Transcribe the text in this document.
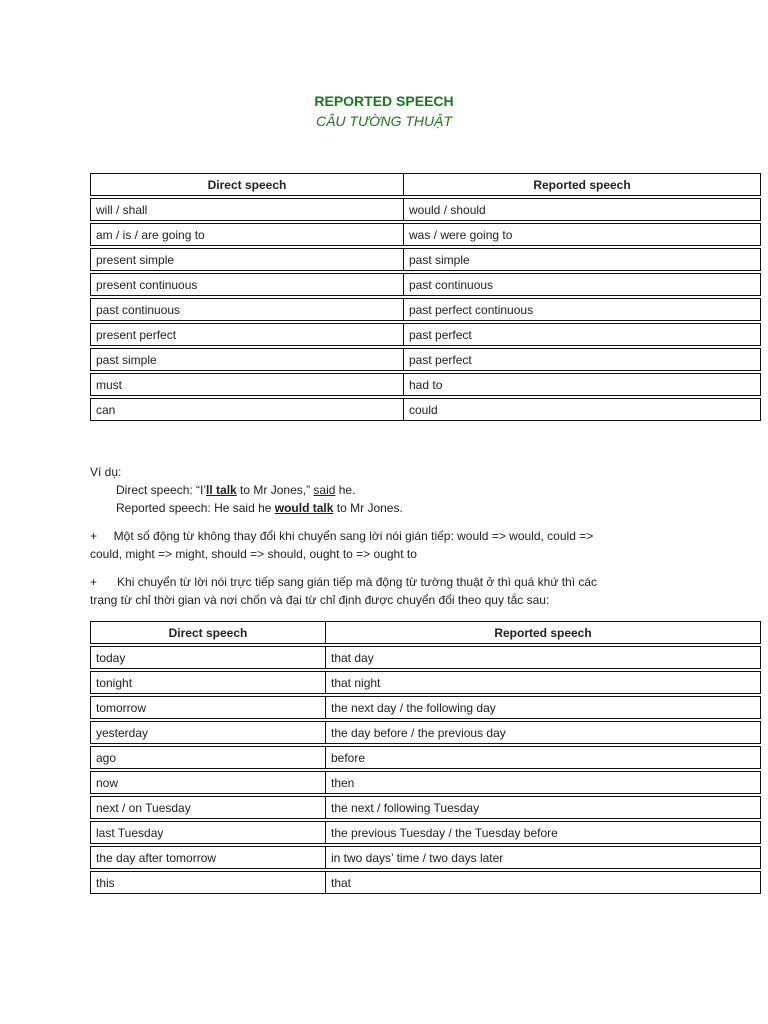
REPORTED SPEECH
CÂU TƯỜNG THUẬT
Direct speech	Reported speech
will / shall	would / should
am / is / are going to	was / were going to
present simple	past simple
present continuous	past continuous
past continuous	past perfect continuous
present perfect	past perfect
past simple	past perfect
must	had to
can	could
Ví dụ:
Direct speech: “I’ll talk to Mr Jones,” said he.
Reported speech: He said he would talk to Mr Jones.
+     Một số động từ không thay đổi khi chuyển sang lời nói gián tiếp: would => would, could =>
could, might => might, should => should, ought to => ought to
+      Khi chuyển từ lời nói trực tiếp sang gián tiếp mà động từ tường thuật ở thì quá khứ thì các
trạng từ chỉ thời gian và nơi chốn và đại từ chỉ định được chuyển đổi theo quy tắc sau:
Direct speech	Reported speech
today	that day
tonight	that night
tomorrow	the next day / the following day
yesterday	the day before / the previous day
ago	before
now	then
next / on Tuesday	the next / following Tuesday
last Tuesday	the previous Tuesday / the Tuesday before
the day after tomorrow	in two days’ time / two days later
this	that
